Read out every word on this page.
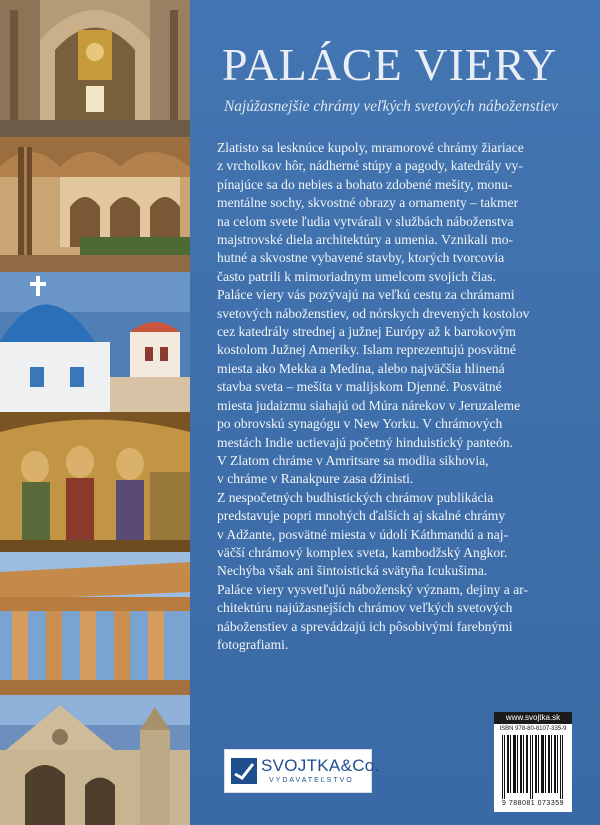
PALÁCE VIERY

Najúžasnejšie chrámy veľkých svetových náboženstiev

Zlatisto sa lesknúce kupoly, mramorové chrámy žiariace
z vrcholkov hôr, nádherné stúpy a pagody, katedrály vy-
pínajúce sa do nebies a bohato zdobené mešity, monu-
mentálne sochy, skvostné obrazy a ornamenty – takmer
na celom svete ľudia vytvárali v službách náboženstva
majstrovské diela architektúry a umenia. Vznikali mo-
hutné a skvostne vybavené stavby, ktorých tvorcovia
často patrili k mimoriadnym umelcom svojich čias.
Paláce viery vás pozývajú na veľkú cestu za chrámami
svetových náboženstiev, od nórskych drevených kostolov
cez katedrály strednej a južnej Európy až k barokovým
kostolom Južnej Ameriky. Islam reprezentujú posvätné
miesta ako Mekka a Medína, alebo najväčšia hlinená
stavba sveta – mešita v malijskom Djenné. Posvätné
miesta judaizmu siahajú od Múra nárekov v Jeruzaleme
po obrovskú synagógu v New Yorku. V chrámových
mestách Indie uctievajú početný hinduistický panteón.
V Zlatom chráme v Amritsare sa modlia sikhovia,
v chráme v Ranakpure zasa džinisti.
Z nespočetných budhistických chrámov publikácia
predstavuje popri mnohých ďalších aj skalné chrámy
v Adžante, posvätné miesta v údolí Káthmandú a naj-
väčší chrámový komplex sveta, kambodžský Angkor.
Nechýba však ani šintoistická svätyňa Icukušima.
Paláce viery vysvetľujú náboženský význam, dejiny a ar-
chitektúru najúžasnejších chrámov veľkých svetových
náboženstiev a sprevádzajú ich pôsobivými farebnými
fotografiami.

SVOJTKA&Co.
VYDAVATEĽSTVO
www.svojtka.sk
ISBN 978-80-8107-335-9
9 788081 073359
